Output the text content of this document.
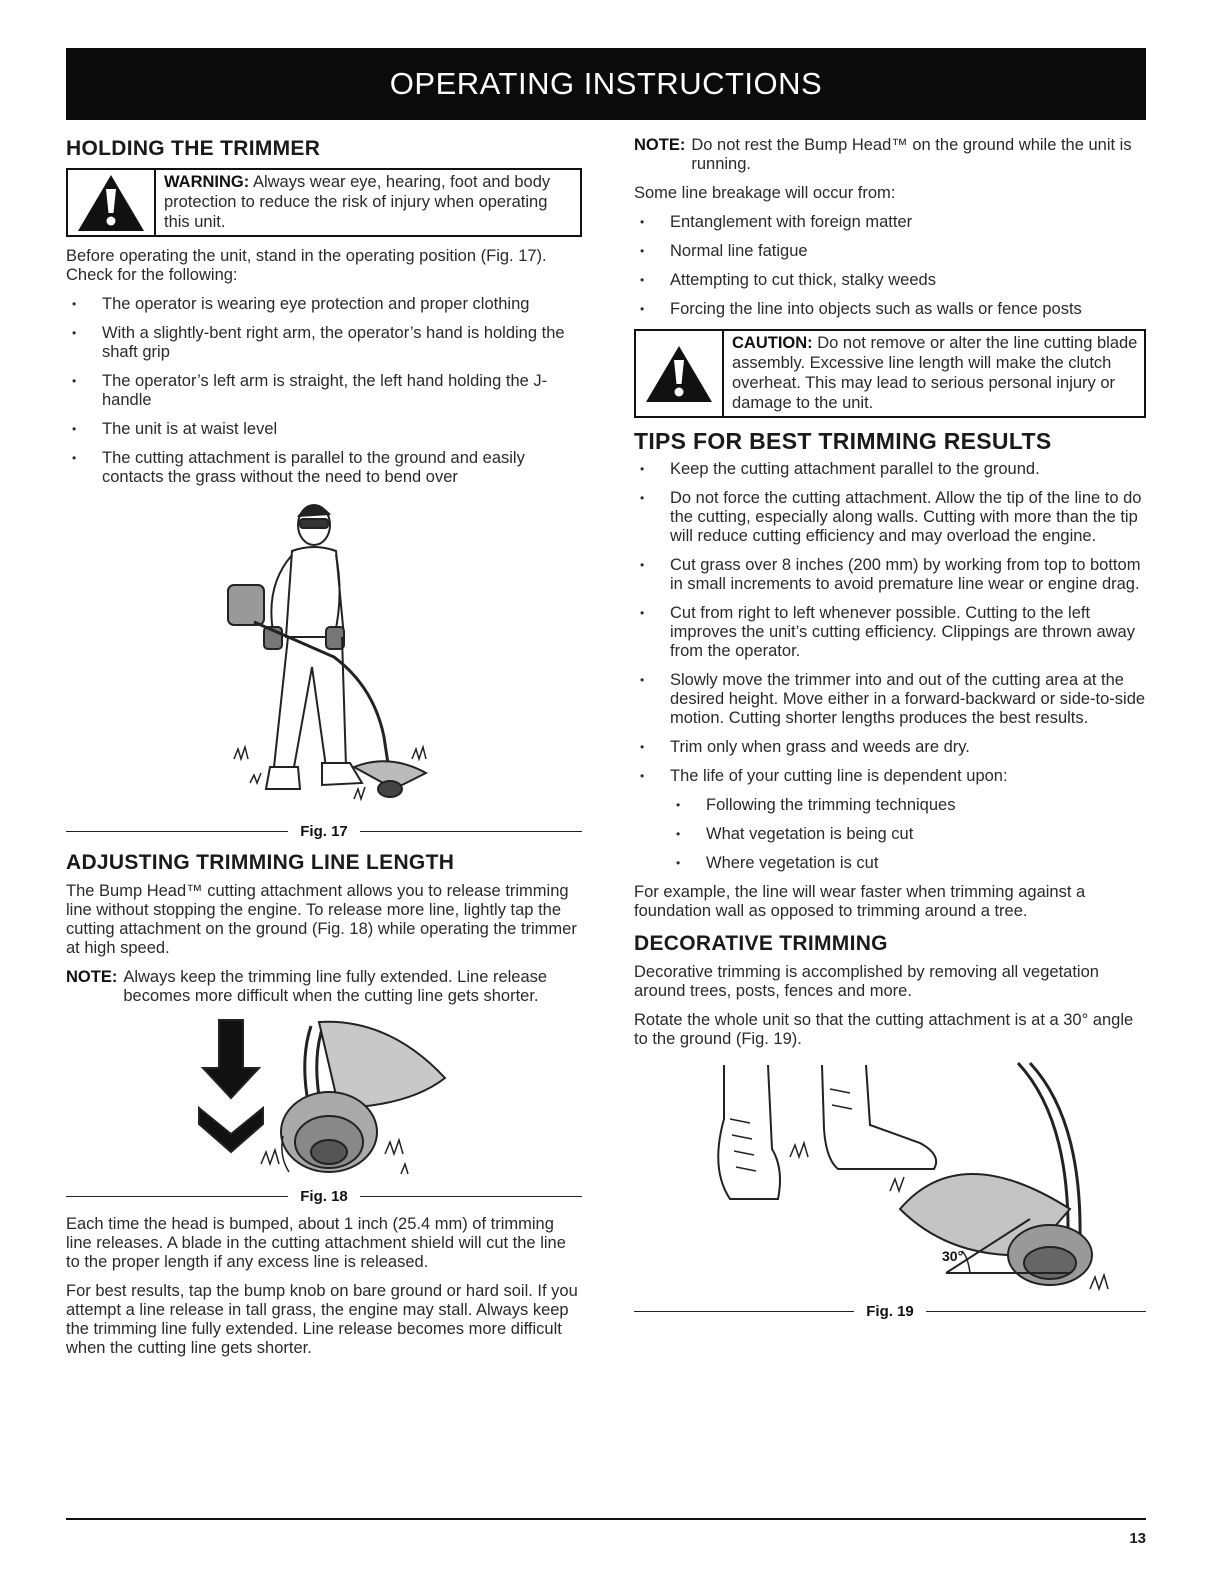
OPERATING INSTRUCTIONS
HOLDING THE TRIMMER
WARNING: Always wear eye, hearing, foot and body protection to reduce the risk of injury when operating this unit.

Before operating the unit, stand in the operating position (Fig. 17). Check for the following:

• The operator is wearing eye protection and proper clothing
• With a slightly-bent right arm, the operator’s hand is holding the shaft grip
• The operator’s left arm is straight, the left hand holding the J-handle
• The unit is at waist level
• The cutting attachment is parallel to the ground and easily contacts the grass without the need to bend over
Fig. 17
ADJUSTING TRIMMING LINE LENGTH

The Bump Head™ cutting attachment allows you to release trimming line without stopping the engine. To release more line, lightly tap the cutting attachment on the ground (Fig. 18) while operating the trimmer at high speed.

NOTE: Always keep the trimming line fully extended. Line release becomes more difficult when the cutting line gets shorter.
Fig. 18

Each time the head is bumped, about 1 inch (25.4 mm) of trimming line releases. A blade in the cutting attachment shield will cut the line to the proper length if any excess line is released.

For best results, tap the bump knob on bare ground or hard soil. If you attempt a line release in tall grass, the engine may stall. Always keep the trimming line fully extended. Line release becomes more difficult when the cutting line gets shorter.

NOTE: Do not rest the Bump Head™ on the ground while the unit is running.

Some line breakage will occur from:

• Entanglement with foreign matter
• Normal line fatigue
• Attempting to cut thick, stalky weeds
• Forcing the line into objects such as walls or fence posts
CAUTION: Do not remove or alter the line cutting blade assembly. Excessive line length will make the clutch overheat. This may lead to serious personal injury or damage to the unit.
TIPS FOR BEST TRIMMING RESULTS
• Keep the cutting attachment parallel to the ground.
• Do not force the cutting attachment. Allow the tip of the line to do the cutting, especially along walls. Cutting with more than the tip will reduce cutting efficiency and may overload the engine.
• Cut grass over 8 inches (200 mm) by working from top to bottom in small increments to avoid premature line wear or engine drag.
• Cut from right to left whenever possible. Cutting to the left improves the unit’s cutting efficiency. Clippings are thrown away from the operator.
• Slowly move the trimmer into and out of the cutting area at the desired height. Move either in a forward-backward or side-to-side motion. Cutting shorter lengths produces the best results.
• Trim only when grass and weeds are dry.
• The life of your cutting line is dependent upon:
• Following the trimming techniques
• What vegetation is being cut
• Where vegetation is cut

For example, the line will wear faster when trimming against a foundation wall as opposed to trimming around a tree.

DECORATIVE TRIMMING

Decorative trimming is accomplished by removing all vegetation around trees, posts, fences and more.

Rotate the whole unit so that the cutting attachment is at a 30° angle to the ground (Fig. 19).

30°
Fig. 19
13
